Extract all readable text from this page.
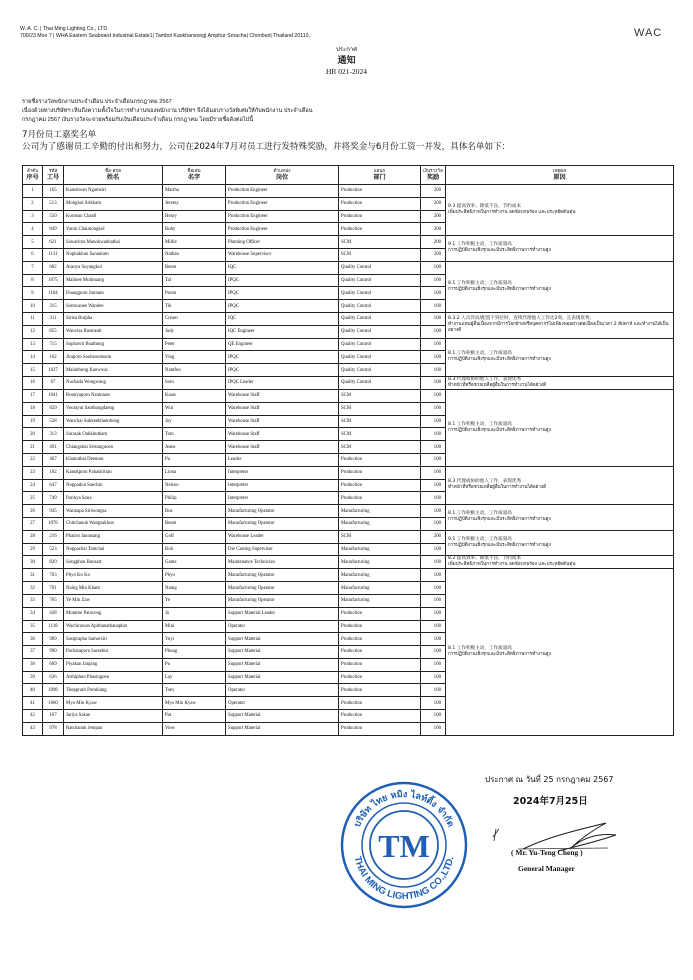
W. A. C. | Thai Ming Lighting Co., LTD.
700/23 Moo 7 | WHA Eastern Seaboard Industrial Estate1| Tambol Kaokhansong| Amphur Sriracha| Chonburi| Thailand 20110.	WAC
ประกาศ
通知
HR 021-2024
รายชื่อรางวัลพนักงานประจำเดือน ประจำเดือนกรกฎาคม 2567
เนื่องด้วยทางบริษัทฯ เห็นถึงความตั้งใจในการทำงานของพนักงาน บริษัทฯ จึงได้มอบรางวัลพิเศษให้กับพนักงาน ประจำเดือน
กรกฎาคม 2567 เงินรางวัลจะจ่ายพร้อมกับเงินเดือนประจำเดือน กรกฎาคม โดยมีรายชื่อดังต่อไปนี้
7月份员工嘉奖名单
公司为了感谢员工辛勤的付出和努力，公司在2024年7月对员工进行发特殊奖励，并将奖金与6月份工资一并发，具体名单如下：
ลำดับ
序号	รหัส
工号	ชื่อ-สกุล
姓名	ชื่อเล่น
名字	ตำแหน่ง
岗位	แผนก
部门	เงินรางวัล
奖励	เหตุผล
原因

1	165	Kanokwan Ngamsiri	Martha	Production Engineer	Production	200	9.3 提高效率、降低不良、节约成本
เพิ่มประสิทธิภาพในการทำงาน ลดข้อบกพร่อง และประหยัดต้นทุน

2	513	Mongkol Srikham	Jeremy	Production Engineer	Production	200	
3	550	Kornsun Chanil	Henry	Production Engineer	Production	200	
4	849	Yanin Chaimongkol	Ruby	Production Engineer	Production	200	
5	621	Sawarinra Manokwanhathai	Millie	Planning Officer	SCM	200	9.1 工作积极主动，工作质量高
การปฏิบัติงานเชิงรุกและมีประสิทธิภาพการทำงานสูง

6	1131	Nophakhun Sanaulum	Nathan	Warehouse Supervisor	SCM	200	
7	682	Aranya Suyangkol	Beem	IQC	Quality Control	100	8.1 工作积极主动，工作质量高
การปฏิบัติงานเชิงรุกและมีประสิทธิภาพการทำงานสูง

8	1075	Malinee Molmuang	Tal	IPQC	Quality Control	100	
9	1104	Duangporn Jonnam	Poom	IPQC	Quality Control	100	
10	315	Somwanee Wandee	Tik	IPQC	Quality Control	100	
11	311	Sirisa Burpha	Cream	IQC	Quality Control	100	8.3.2 人员异动/配置不到位时，连续代理他人工作达2周，且表现优秀；
ทำงานแทนผู้อื่นเนื่องจากมีการโยกย้ายหรือบุคลากรไม่เพียงพออย่างต่อเนื่องเป็นเวลา 2 สัปดาห์ และทำงานได้เป็นอย่างดี

12	855	Wanvisa Rusmeab	Judy	IQC Engineer	Quality Control	100	
13	715	Suphawit Buathong	Peter	QE Engineer	Quality Control	100	8.1 工作积极主动，工作质量高
การปฏิบัติงานเชิงรุกและมีประสิทธิภาพการทำงานสูง

14	162	Jiraporn Soubsoomsom	Ying	IPQC	Quality Control	100	
15	1027	Malaithong Kaowwai	Namfon	IPQC	Quality Control	100	
16	67	Nuchada Wongwang	Som	IPQC Leader	Quality Control	100	8.3 代理或协助他人工作，表现优秀
ทำหน้าที่หรือช่วยเหลือผู้อื่นในการทำงานได้อย่างดี

17	1041	Boonyaporn Nantnaaw	Kaaw	Warehouse Staff	SCM	100	8.1 工作积极主动，工作质量高
การปฏิบัติงานเชิงรุกและมีประสิทธิภาพการทำงานสูง

18	829	Voorayut Saothongdaeng	Wut	Warehouse Staff	SCM	100	
19	528	Wanchai Sukkeekhuenbong	Joy	Warehouse Staff	SCM	100	
20	313	Surasak Oakkhutham	Tom	Warehouse Staff	SCM	100	
21	491	Chiangsitai Srisungnoen	Jeans	Warehouse Staff	SCM	100	
22	467	Khanuthai Deemon	Pu	Leader	Production	100	
23	102	Kanokporn Pahasiritran	Liona	Interpreter	Production	100	8.3 代理或协助他人工作，表现优秀
ทำหน้าที่หรือช่วยเหลือผู้อื่นในการทำงานได้อย่างดี

24	647	Noppadon Saechio	Nelson	Interpreter	Production	100	
25	749	Parinya Sona	Philip	Interpreter	Production	100	
26	945	Wannapa Siriwongsa	Ros	Manufacturing Operator	Manufacturing	100	8.1 工作积极主动，工作质量高
การปฏิบัติงานเชิงรุกและมีประสิทธิภาพการทำงานสูง

27	1076	Chitchanok Wangsakhon	Beam	Manufacturing Operator	Manufacturing	100	
28	216	Phairot Janrasang	Golf	Warehouse Leader	SCM	200	9.1 工作积极主动，工作质量高
การปฏิบัติงานเชิงรุกและมีประสิทธิภาพการทำงานสูง

29	523	Noppachai Tamchai	Bob	Die Casting Supervisor	Manufacturing	100	
30	820	Songphon Bunsart	Game	Maintenance Technician	Manufacturing	100	8.2 提高效率、降低不良、节约成本
เพิ่มประสิทธิภาพในการทำงาน ลดข้อบกพร่อง และประหยัดต้นทุน

31	763	Phyo Ko Ko	Phyo	Manufacturing Operator	Manufacturing	100	8.1 工作积极主动，工作质量高
การปฏิบัติงานเชิงรุกและมีประสิทธิภาพการทำงานสูง

32	701	Naing Min Khant	Naing	Manufacturing Operator	Manufacturing	100	
33	765	Ye Min Zaw	Ye	Manufacturing Operator	Manufacturing	100	
34	438	Montree Patavong	Jo	Support Material Leader	Production	100	
35	1118	Wachirawan Apithanathanaphat	Mini	Operator	Production	100	
36	989	Sasiprapha Samorsiri	Yuyi	Support Material	Production	100	
37	990	Pacharaporn Sareebut	Phung	Support Material	Production	100	
38	669	Piyakan Janjang	Pu	Support Material	Production	100	
39	636	Arthiphon Phasingoen	Lay	Support Material	Production	100	
40	1096	Theppratit Pomklang	Toey	Operator	Production	100	
41	1060	Myo Min Kyaw	Myo Min Kyaw	Operator	Production	100	
42	167	Jariya Sakae	Pat	Support Material	Production	100	
43	978	Ratchanok Jempan	View	Support Material	Production	100	
ประกาศ ณ วันที่ 25 กรกฎาคม 2567
2024年7月25日
( Mr. Yu-Teng Cheng )
General Manager
TM
บริษัท ไทย หมิง ไลท์ติ้ง จำกัด
THAI MING LIGHTING CO.,LTD.
